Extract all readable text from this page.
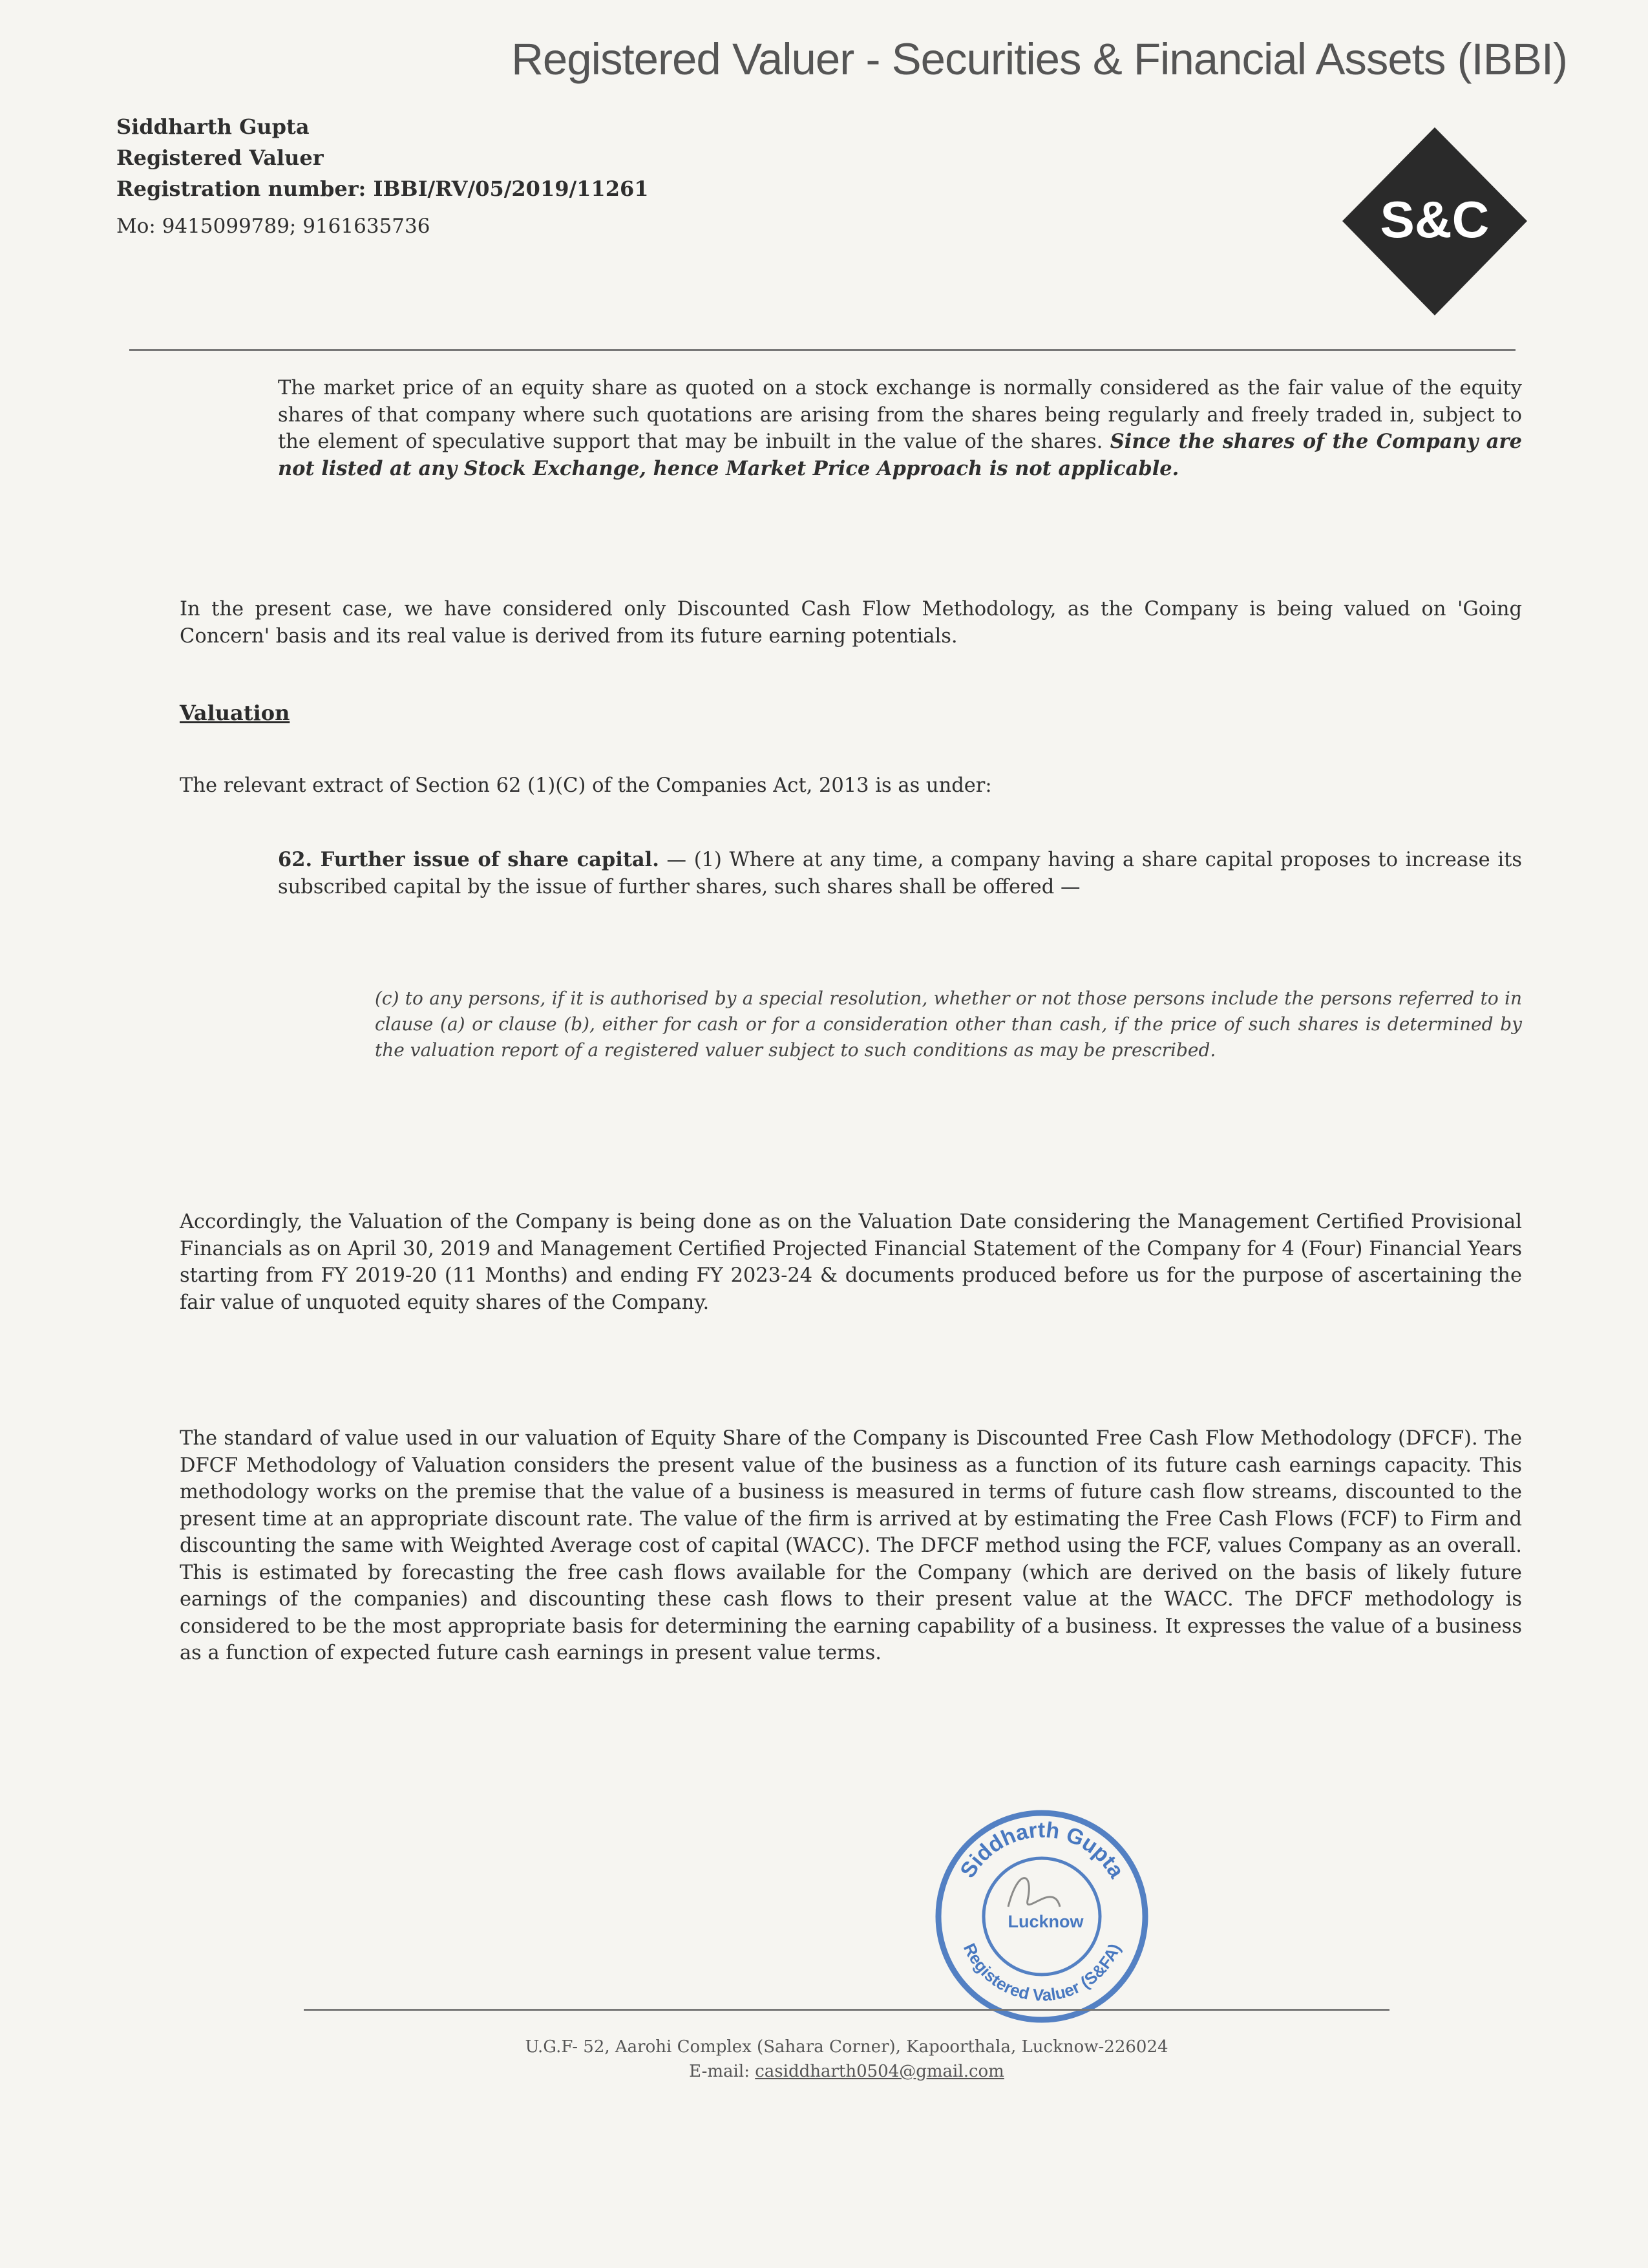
Registered Valuer - Securities & Financial Assets (IBBI)
Siddharth Gupta
Registered Valuer
Registration number: IBBI/RV/05/2019/11261
Mo: 9415099789; 9161635736	S&C
The market price of an equity share as quoted on a stock exchange is normally considered as the fair value of the equity shares of that company where such quotations are arising from the shares being regularly and freely traded in, subject to the element of speculative support that may be inbuilt in the value of the shares. Since the shares of the Company are not listed at any Stock Exchange, hence Market Price Approach is not applicable.
In the present case, we have considered only Discounted Cash Flow Methodology, as the Company is being valued on 'Going Concern' basis and its real value is derived from its future earning potentials.
Valuation
The relevant extract of Section 62 (1)(C) of the Companies Act, 2013 is as under:
62. Further issue of share capital. — (1) Where at any time, a company having a share capital proposes to increase its subscribed capital by the issue of further shares, such shares shall be offered —
(c) to any persons, if it is authorised by a special resolution, whether or not those persons include the persons referred to in clause (a) or clause (b), either for cash or for a consideration other than cash, if the price of such shares is determined by the valuation report of a registered valuer subject to such conditions as may be prescribed.
Accordingly, the Valuation of the Company is being done as on the Valuation Date considering the Management Certified Provisional Financials as on April 30, 2019 and Management Certified Projected Financial Statement of the Company for 4 (Four) Financial Years starting from FY 2019-20 (11 Months) and ending FY 2023-24 & documents produced before us for the purpose of ascertaining the fair value of unquoted equity shares of the Company.
The standard of value used in our valuation of Equity Share of the Company is Discounted Free Cash Flow Methodology (DFCF). The DFCF Methodology of Valuation considers the present value of the business as a function of its future cash earnings capacity. This methodology works on the premise that the value of a business is measured in terms of future cash flow streams, discounted to the present time at an appropriate discount rate. The value of the firm is arrived at by estimating the Free Cash Flows (FCF) to Firm and discounting the same with Weighted Average cost of capital (WACC). The DFCF method using the FCF, values Company as an overall. This is estimated by forecasting the free cash flows available for the Company (which are derived on the basis of likely future earnings of the companies) and discounting these cash flows to their present value at the WACC. The DFCF methodology is considered to be the most appropriate basis for determining the earning capability of a business. It expresses the value of a business as a function of expected future cash earnings in present value terms.
Siddharth Gupta
Registered Valuer (S&FA)
Lucknow
U.G.F- 52, Aarohi Complex (Sahara Corner), Kapoorthala, Lucknow-226024
E-mail: casiddharth0504@gmail.com
